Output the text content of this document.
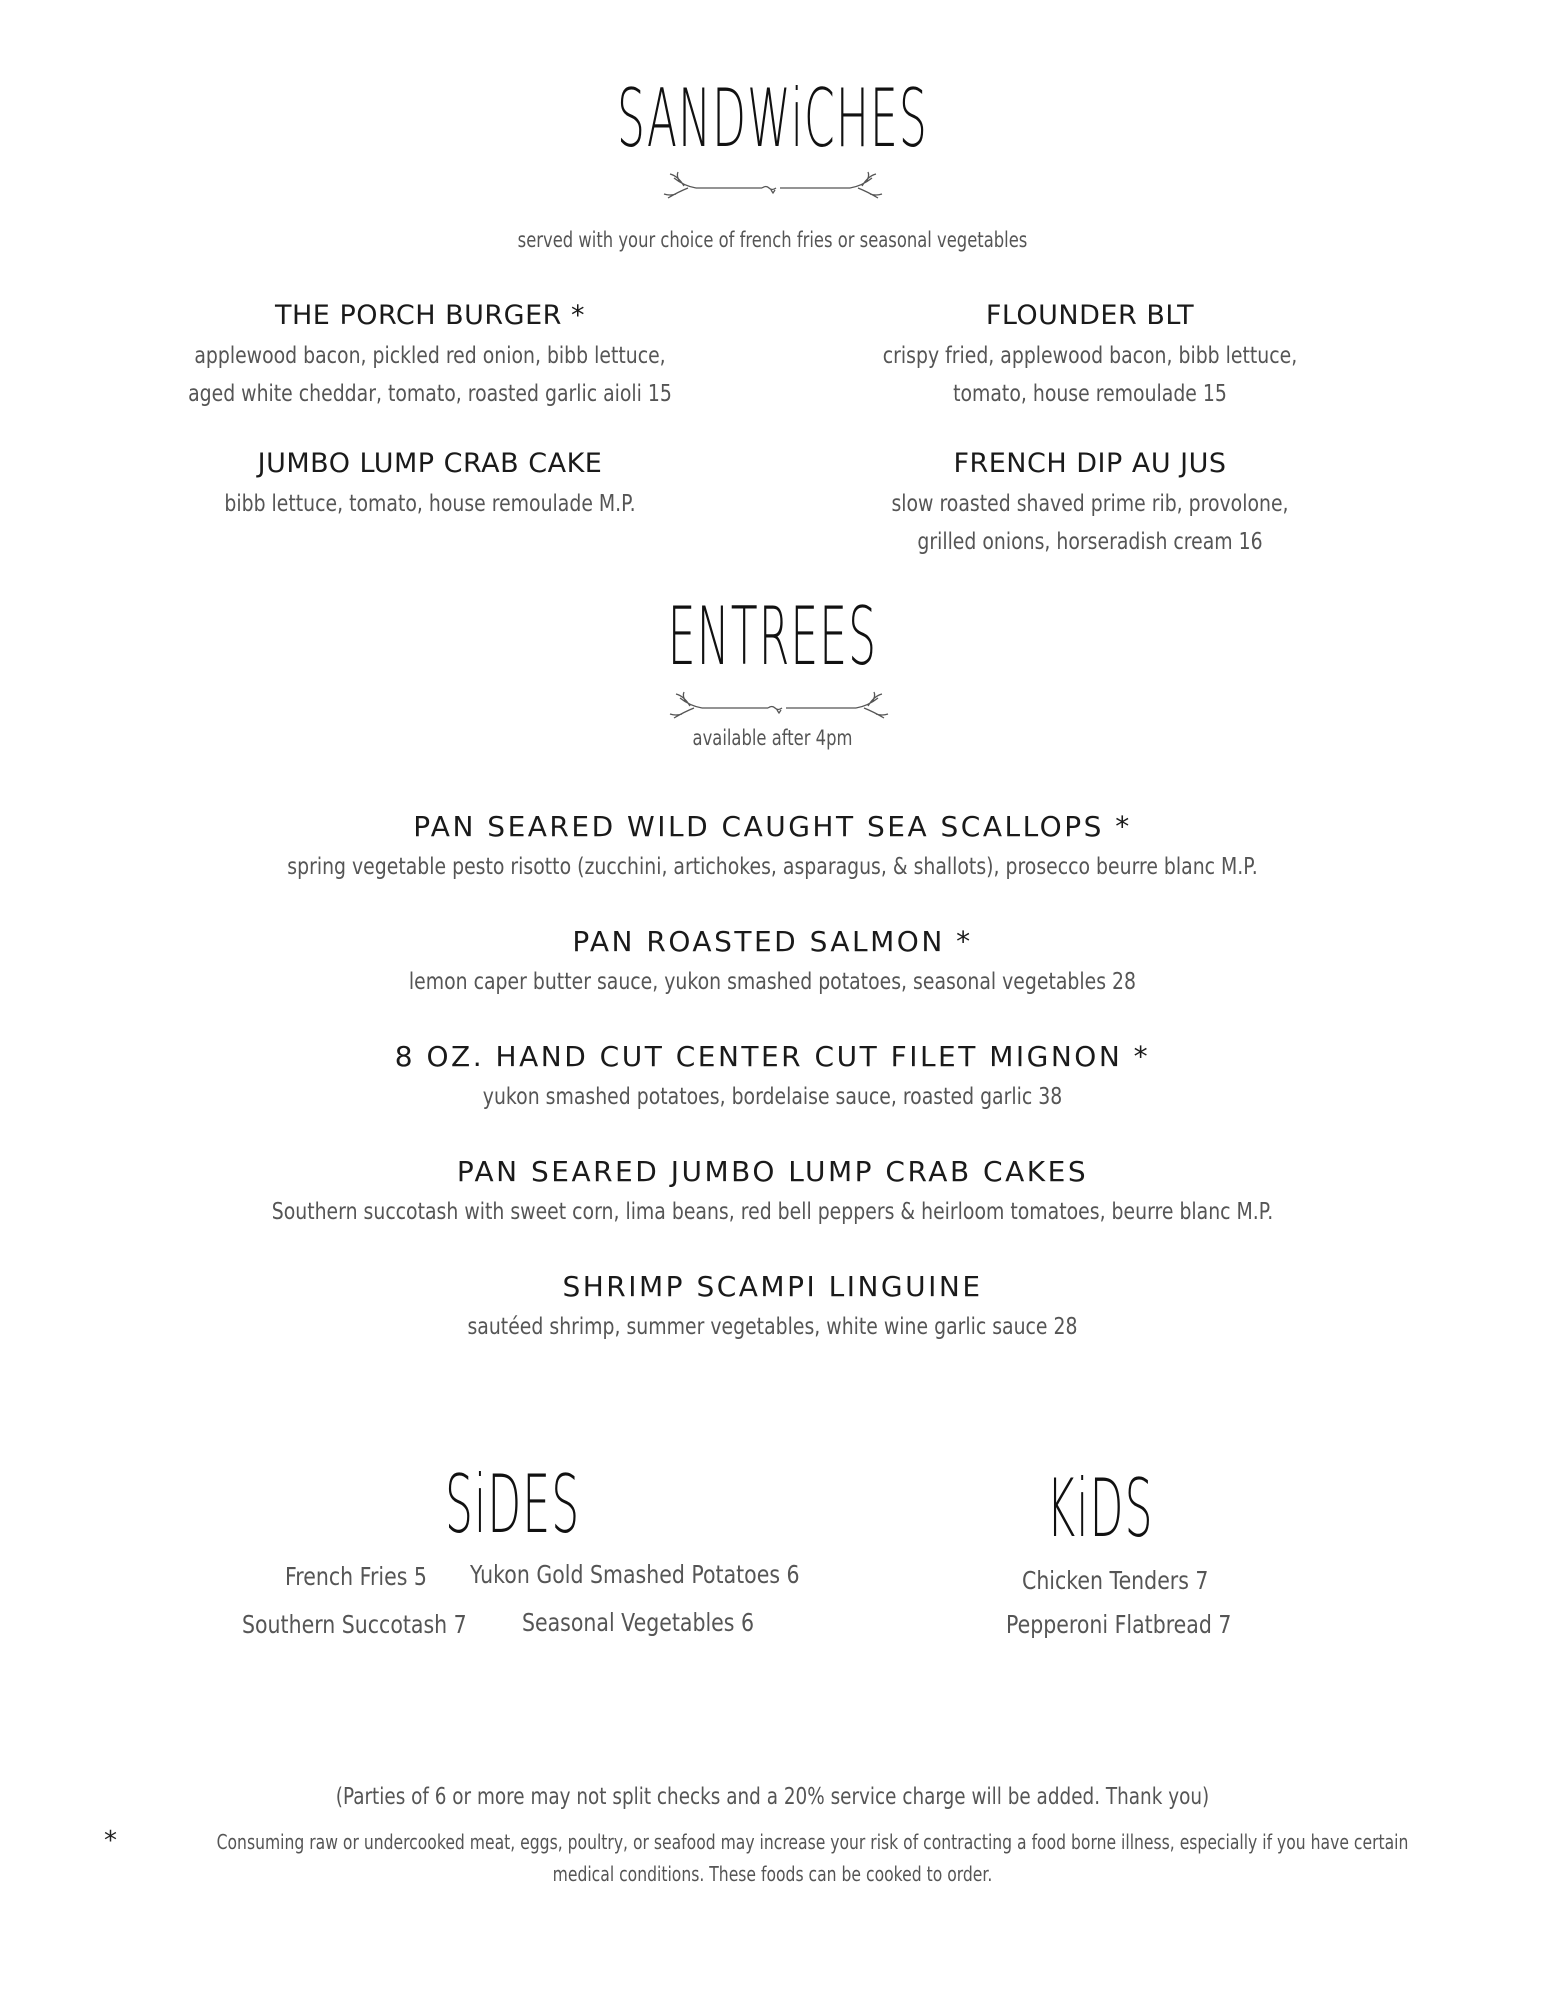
SANDWiCHES
served with your choice of french fries or seasonal vegetables
THE PORCH BURGER *
applewood bacon, pickled red onion, bibb lettuce, aged white cheddar, tomato, roasted garlic aioli 15
FLOUNDER BLT
crispy fried, applewood bacon, bibb lettuce, tomato, house remoulade 15
JUMBO LUMP CRAB CAKE
bibb lettuce, tomato, house remoulade M.P.
FRENCH DIP AU JUS
slow roasted shaved prime rib, provolone, grilled onions, horseradish cream 16
ENTREES
available after 4pm
PAN SEARED WILD CAUGHT SEA SCALLOPS *
spring vegetable pesto risotto (zucchini, artichokes, asparagus, & shallots), prosecco beurre blanc M.P.
PAN ROASTED SALMON *
lemon caper butter sauce, yukon smashed potatoes, seasonal vegetables 28
8 OZ. HAND CUT CENTER CUT FILET MIGNON *
yukon smashed potatoes, bordelaise sauce, roasted garlic 38
PAN SEARED JUMBO LUMP CRAB CAKES
Southern succotash with sweet corn, lima beans, red bell peppers & heirloom tomatoes, beurre blanc M.P.
SHRIMP SCAMPI LINGUINE
sautéed shrimp, summer vegetables, white wine garlic sauce 28
SiDES
French Fries 5 Yukon Gold Smashed Potatoes 6
Southern Succotash 7 Seasonal Vegetables 6
KiDS
Chicken Tenders 7
Pepperoni Flatbread 7
(Parties of 6 or more may not split checks and a 20% service charge will be added. Thank you)
*	Consuming raw or undercooked meat, eggs, poultry, or seafood may increase your risk of contracting a food borne illness, especially if you have certain
medical conditions. These foods can be cooked to order.
